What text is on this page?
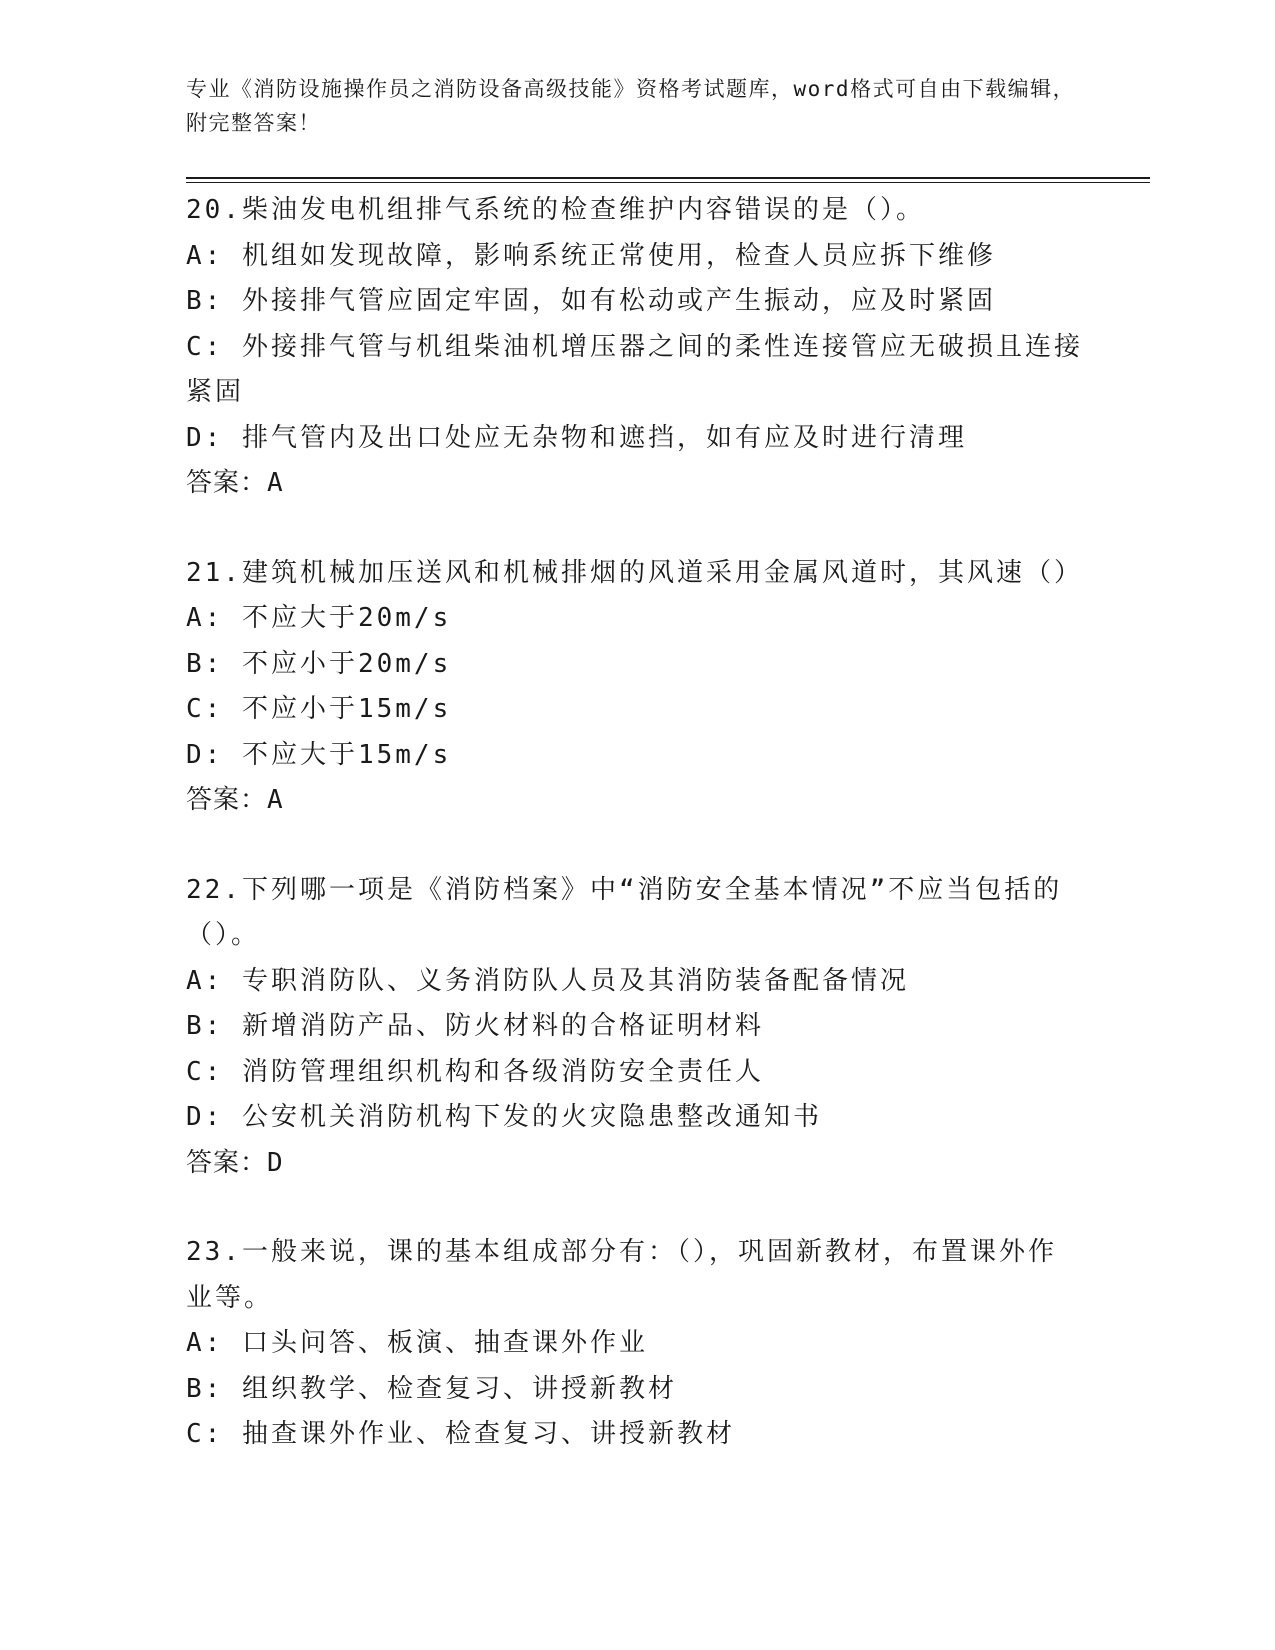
专业《消防设施操作员之消防设备高级技能》资格考试题库，word格式可自由下载编辑，附完整答案！
20.柴油发电机组排气系统的检查维护内容错误的是（）。
A: 机组如发现故障，影响系统正常使用，检查人员应拆下维修
B: 外接排气管应固定牢固，如有松动或产生振动，应及时紧固
C: 外接排气管与机组柴油机增压器之间的柔性连接管应无破损且连接
紧固
D: 排气管内及出口处应无杂物和遮挡，如有应及时进行清理
答案：A
21.建筑机械加压送风和机械排烟的风道采用金属风道时，其风速（）
A: 不应大于20m/s
B: 不应小于20m/s
C: 不应小于15m/s
D: 不应大于15m/s
答案：A
22.下列哪一项是《消防档案》中“消防安全基本情况”不应当包括的
（）。
A: 专职消防队、义务消防队人员及其消防装备配备情况
B: 新增消防产品、防火材料的合格证明材料
C: 消防管理组织机构和各级消防安全责任人
D: 公安机关消防机构下发的火灾隐患整改通知书
答案：D
23.一般来说，课的基本组成部分有：（），巩固新教材，布置课外作
业等。
A: 口头问答、板演、抽查课外作业
B: 组织教学、检查复习、讲授新教材
C: 抽查课外作业、检查复习、讲授新教材
